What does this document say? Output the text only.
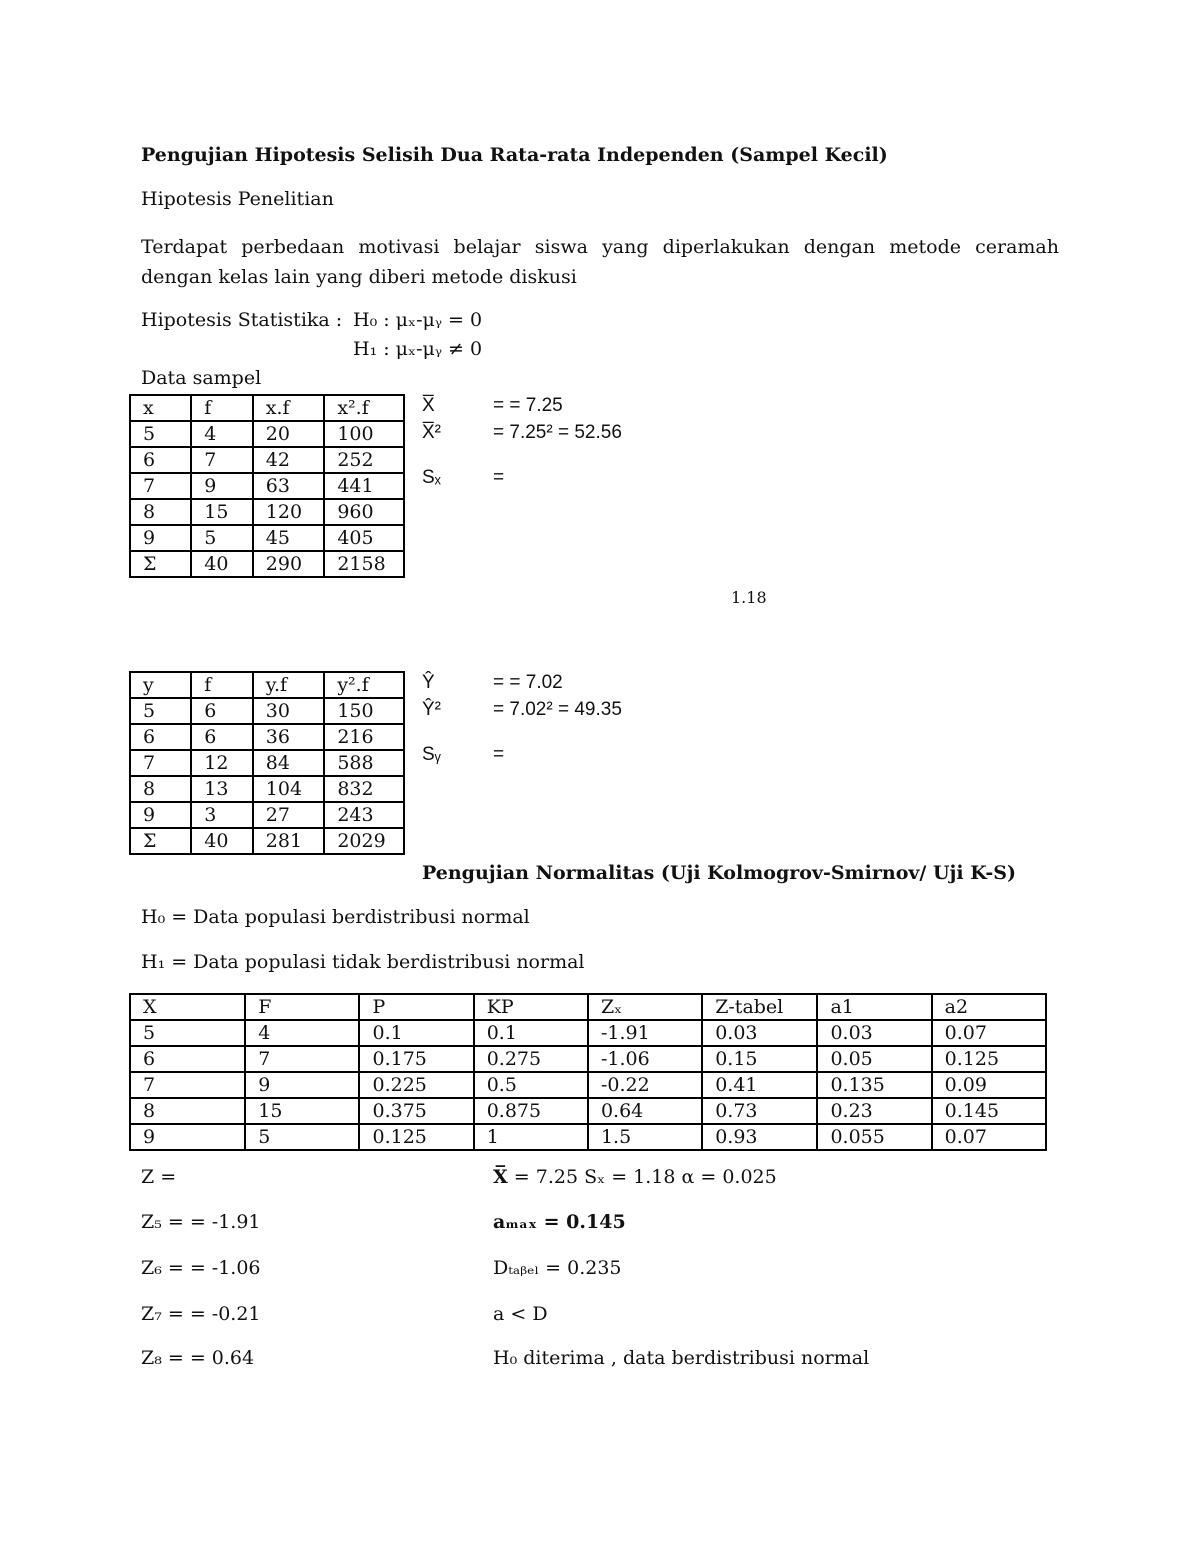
Pengujian Hipotesis Selisih Dua Rata-rata Independen (Sampel Kecil)
Hipotesis Penelitian
Terdapat perbedaan motivasi belajar siswa yang diperlakukan dengan metode ceramah dengan kelas lain yang diberi metode diskusi
Hipotesis Statistika : H₀ : μₓ-μᵧ = 0
H₁ : μₓ-μᵧ ≠ 0
Data sampel
x	f	x.f	x².f
5	4	20	100
6	7	42	252
7	9	63	441
8	15	120	960
9	5	45	405
Σ	40	290	2158
X̅	= = 7.25
X̅²	= 7.25² = 52.56
Sₓ	=
1.18
y	f	y.f	y².f
5	6	30	150
6	6	36	216
7	12	84	588
8	13	104	832
9	3	27	243
Σ	40	281	2029
Ŷ	= = 7.02
Ŷ²	= 7.02² = 49.35
Sᵧ	=
Pengujian Normalitas (Uji Kolmogrov-Smirnov/ Uji K-S)
H₀ = Data populasi berdistribusi normal
H₁ = Data populasi tidak berdistribusi normal
X	F	P	KP	Zₓ	Z-tabel	a1	a2
5	4	0.1	0.1	-1.91	0.03	0.03	0.07
6	7	0.175	0.275	-1.06	0.15	0.05	0.125
7	9	0.225	0.5	-0.22	0.41	0.135	0.09
8	15	0.375	0.875	0.64	0.73	0.23	0.145
9	5	0.125	1	1.5	0.93	0.055	0.07
Z =
Z₅ = = -1.91
Z₆ = = -1.06
Z₇ = = -0.21
Z₈ = = 0.64
X̅ = 7.25 Sₓ = 1.18 α = 0.025
aₘₐₓ = 0.145
Dₜₐᵦₑₗ = 0.235
a < D
H₀ diterima , data berdistribusi normal
